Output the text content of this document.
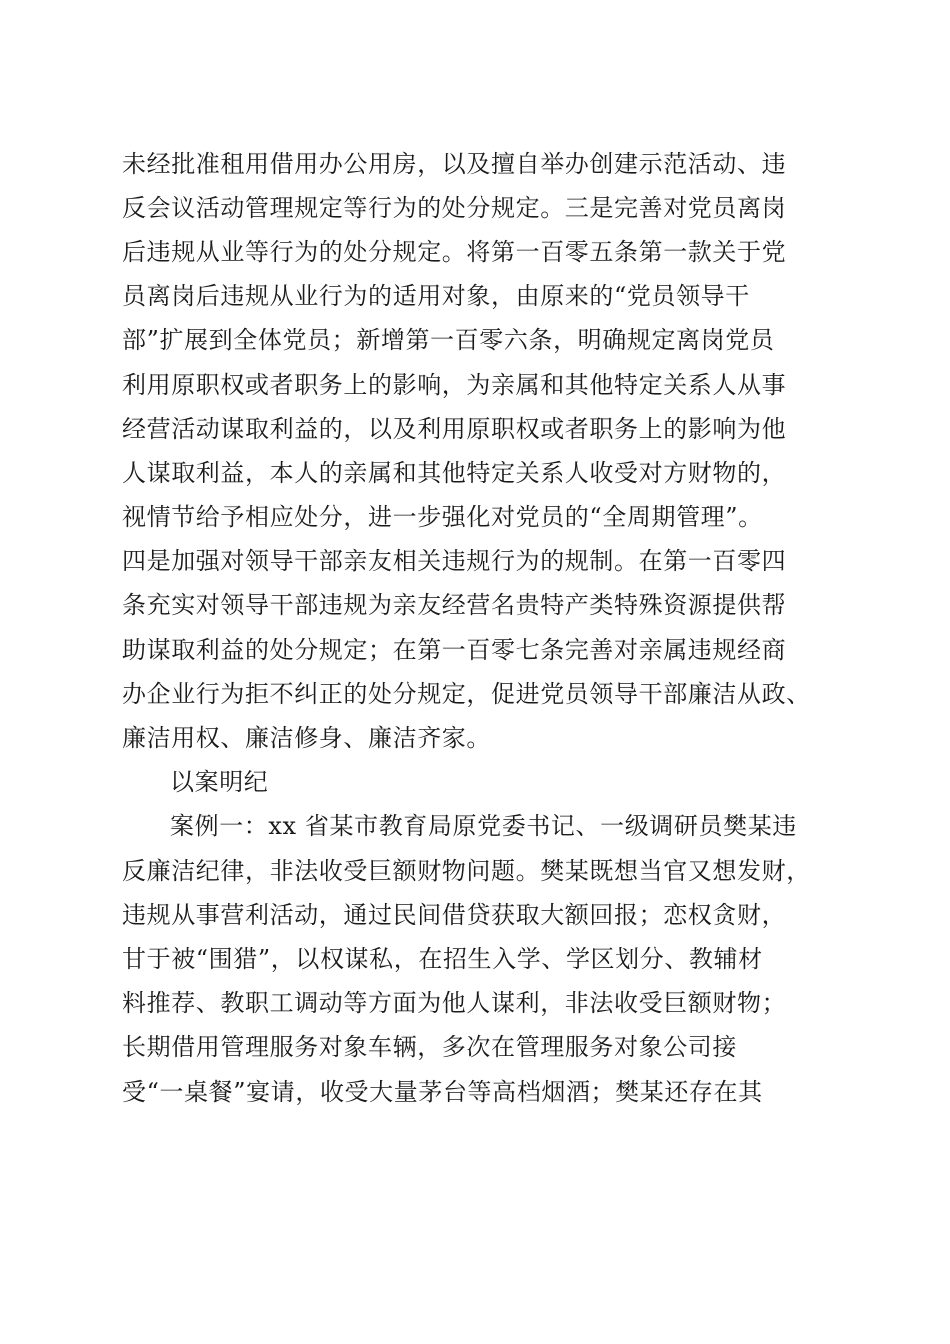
未经批准租用借用办公用房，以及擅自举办创建示范活动、违
反会议活动管理规定等行为的处分规定。三是完善对党员离岗
后违规从业等行为的处分规定。将第一百零五条第一款关于党
员离岗后违规从业行为的适用对象，由原来的“党员领导干
部”扩展到全体党员；新增第一百零六条，明确规定离岗党员
利用原职权或者职务上的影响，为亲属和其他特定关系人从事
经营活动谋取利益的，以及利用原职权或者职务上的影响为他
人谋取利益，本人的亲属和其他特定关系人收受对方财物的，
视情节给予相应处分，进一步强化对党员的“全周期管理”。
四是加强对领导干部亲友相关违规行为的规制。在第一百零四
条充实对领导干部违规为亲友经营名贵特产类特殊资源提供帮
助谋取利益的处分规定；在第一百零七条完善对亲属违规经商
办企业行为拒不纠正的处分规定，促进党员领导干部廉洁从政、
廉洁用权、廉洁修身、廉洁齐家。
以案明纪
案例一：xx 省某市教育局原党委书记、一级调研员樊某违
反廉洁纪律，非法收受巨额财物问题。樊某既想当官又想发财，
违规从事营利活动，通过民间借贷获取大额回报；恋权贪财，
甘于被“围猎”，以权谋私，在招生入学、学区划分、教辅材
料推荐、教职工调动等方面为他人谋利，非法收受巨额财物；
长期借用管理服务对象车辆，多次在管理服务对象公司接
受“一桌餐”宴请，收受大量茅台等高档烟酒；樊某还存在其
